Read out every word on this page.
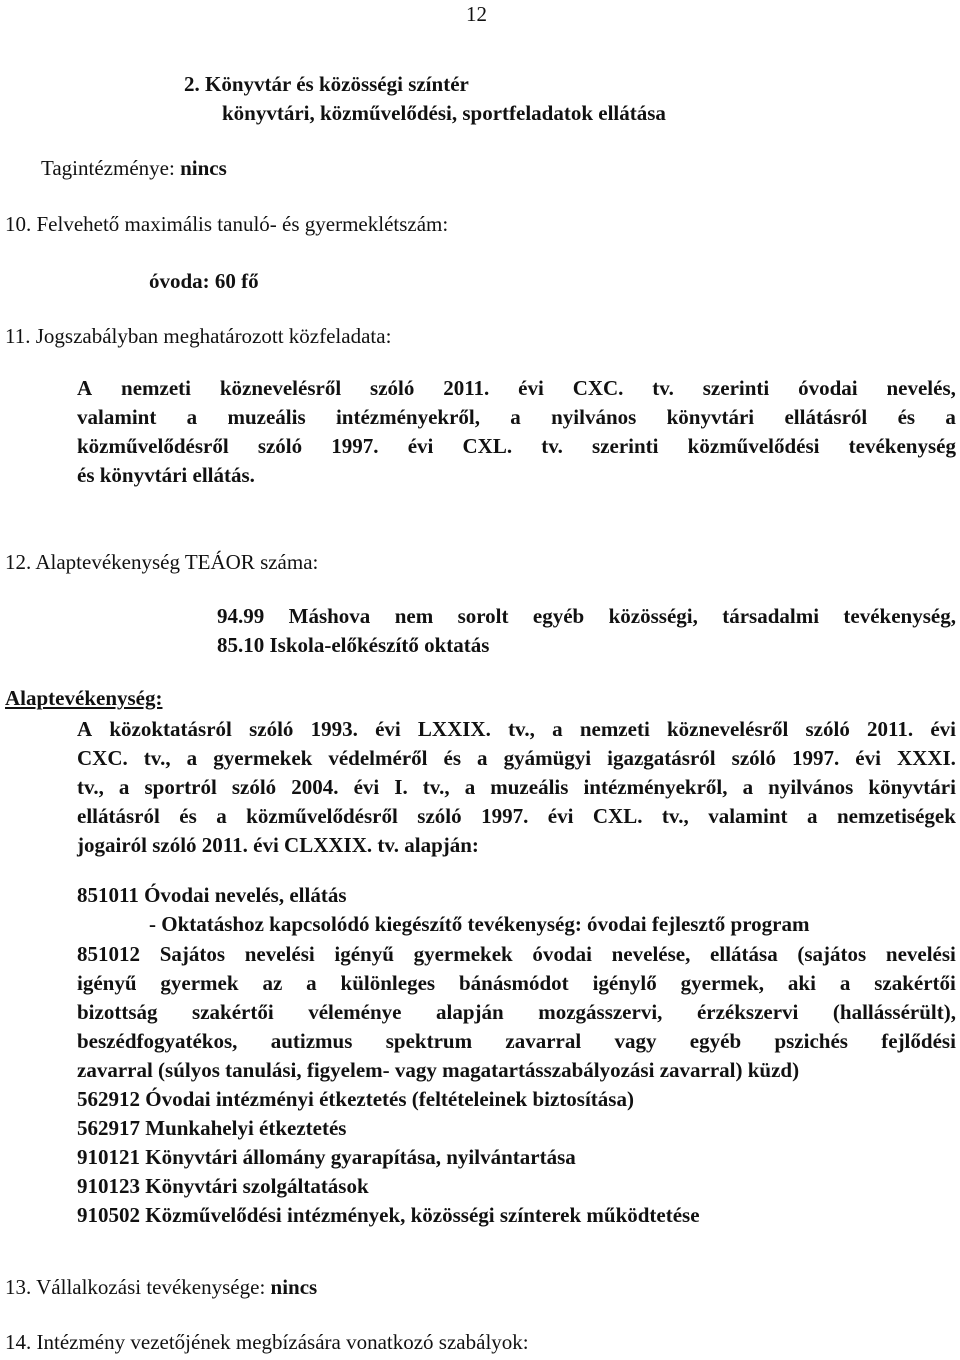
12
2. Könyvtár és közösségi színtér
könyvtári, közművelődési, sportfeladatok ellátása
Tagintézménye: nincs
10. Felvehető maximális tanuló- és gyermeklétszám:
óvoda: 60 fő
11. Jogszabályban meghatározott közfeladata:
A nemzeti köznevelésről szóló 2011. évi CXC. tv. szerinti óvodai nevelés,
valamint a muzeális intézményekről, a nyilvános könyvtári ellátásról és a
közművelődésről szóló 1997. évi CXL. tv. szerinti közművelődési tevékenység
és könyvtári ellátás.
12. Alaptevékenység TEÁOR száma:
94.99 Máshova nem sorolt egyéb közösségi, társadalmi tevékenység,
85.10 Iskola-előkészítő oktatás
Alaptevékenység:
A közoktatásról szóló 1993. évi LXXIX. tv., a nemzeti köznevelésről szóló 2011. évi
CXC. tv., a gyermekek védelméről és a gyámügyi igazgatásról szóló 1997. évi XXXI.
tv., a sportról szóló 2004. évi I. tv., a muzeális intézményekről, a nyilvános könyvtári
ellátásról és a közművelődésről szóló 1997. évi CXL. tv., valamint a nemzetiségek
jogairól szóló 2011. évi CLXXIX. tv. alapján:
851011 Óvodai nevelés, ellátás
- Oktatáshoz kapcsolódó kiegészítő tevékenység: óvodai fejlesztő program
851012 Sajátos nevelési igényű gyermekek óvodai nevelése, ellátása (sajátos nevelési
igényű gyermek az a különleges bánásmódot igénylő gyermek, aki a szakértői
bizottság szakértői véleménye alapján mozgásszervi, érzékszervi (hallássérült),
beszédfogyatékos, autizmus spektrum zavarral vagy egyéb pszichés fejlődési
zavarral (súlyos tanulási, figyelem- vagy magatartásszabályozási zavarral) küzd)
562912 Óvodai intézményi étkeztetés (feltételeinek biztosítása)
562917 Munkahelyi étkeztetés
910121 Könyvtári állomány gyarapítása, nyilvántartása
910123 Könyvtári szolgáltatások
910502 Közművelődési intézmények, közösségi színterek működtetése
13. Vállalkozási tevékenysége: nincs
14. Intézmény vezetőjének megbízására vonatkozó szabályok:
